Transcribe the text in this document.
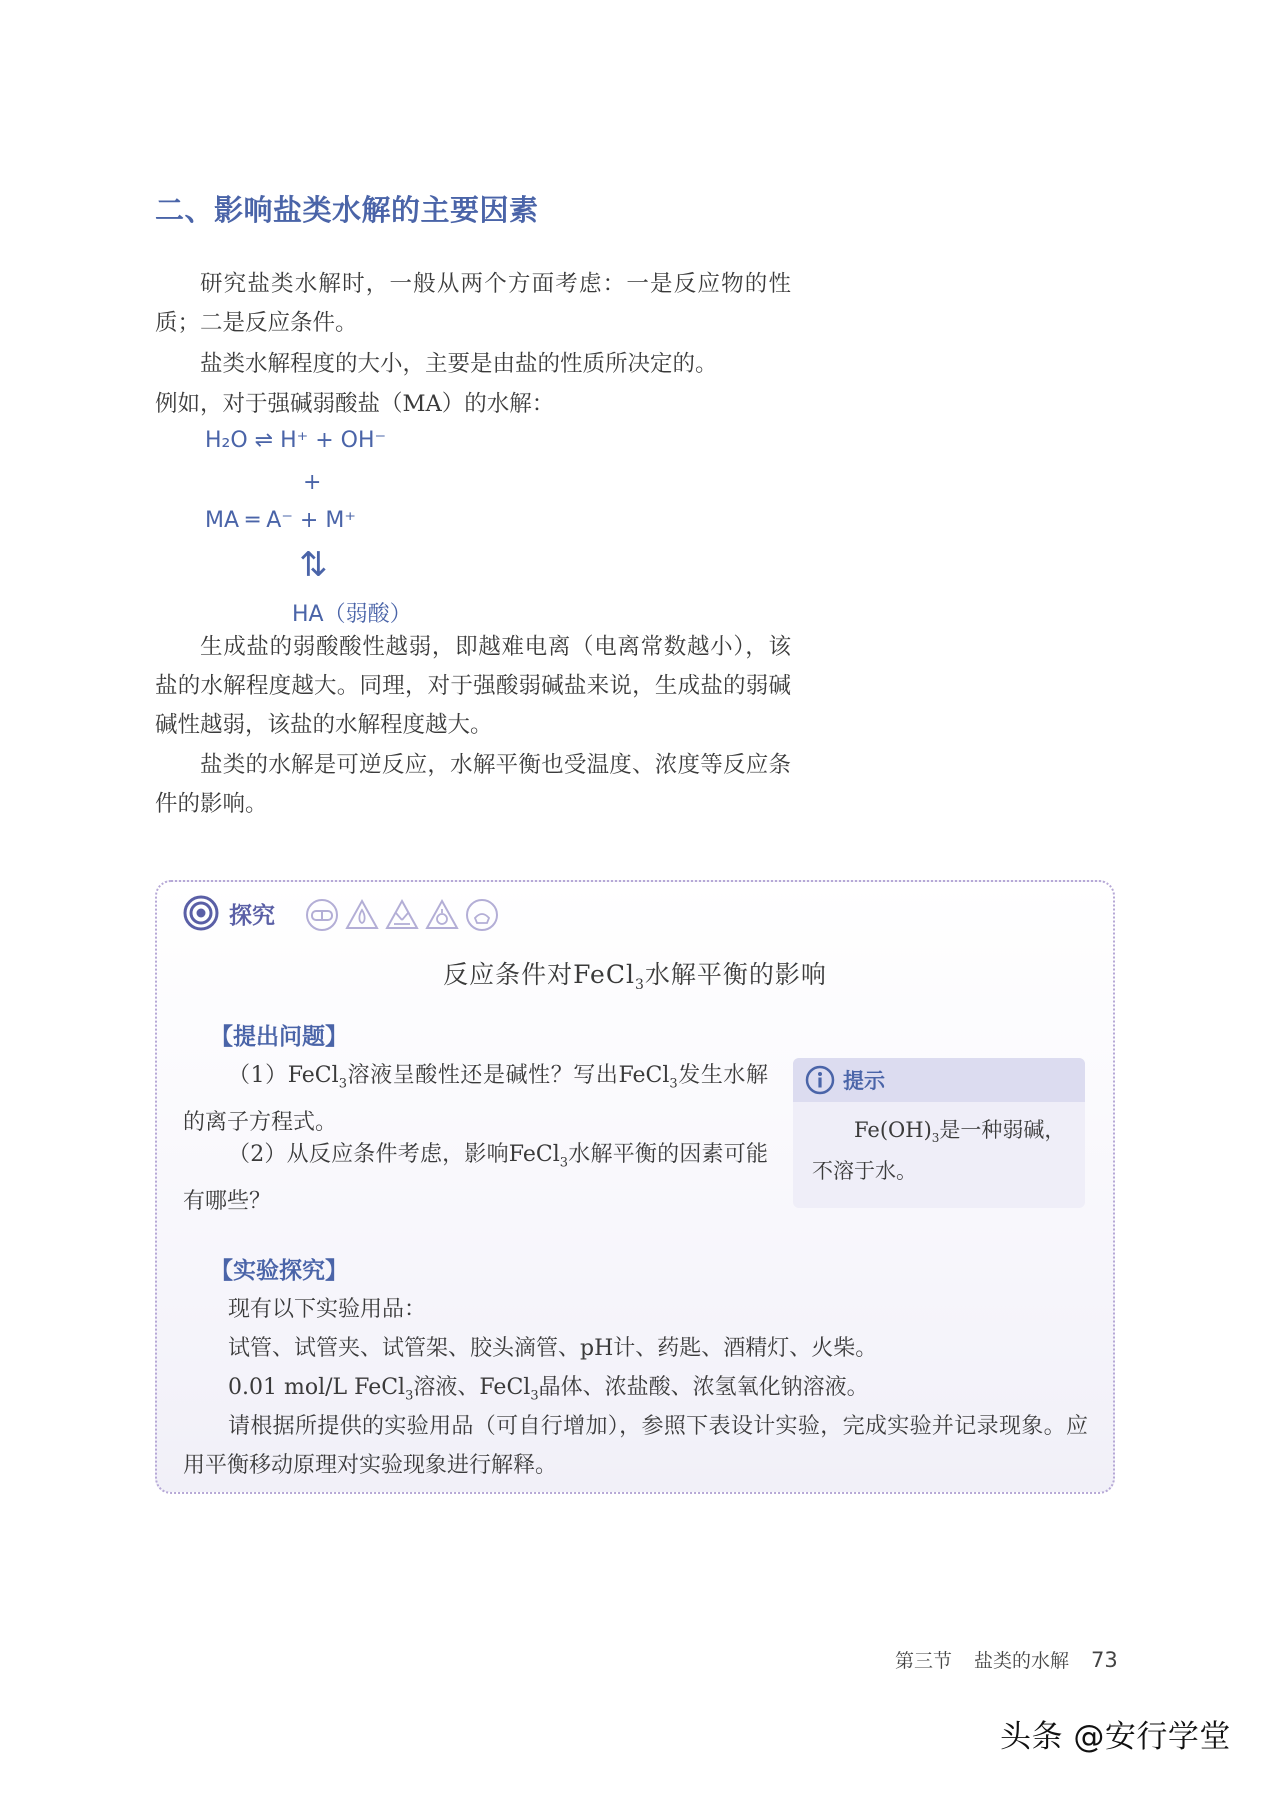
二、影响盐类水解的主要因素

研究盐类水解时，一般从两个方面考虑：一是反应物的性质；二是反应条件。

盐类水解程度的大小，主要是由盐的性质所决定的。

例如，对于强碱弱酸盐（MA）的水解：

H₂O ⇌ H⁺ + OH⁻
+
MA ═ A⁻ + M⁺
⇅
HA（弱酸）

生成盐的弱酸酸性越弱，即越难电离（电离常数越小），该盐的水解程度越大。同理，对于强酸弱碱盐来说，生成盐的弱碱碱性越弱，该盐的水解程度越大。

盐类的水解是可逆反应，水解平衡也受温度、浓度等反应条件的影响。

探究
反应条件对FeCl$_3$水解平衡的影响
【提出问题】

（1）FeCl$_3$溶液呈酸性还是碱性？写出FeCl$_3$发生水解的离子方程式。

（2）从反应条件考虑，影响FeCl$_3$水解平衡的因素可能有哪些？

提示

$Fe(OH)_3$是一种弱碱，不溶于水。

【实验探究】

现有以下实验用品：

试管、试管夹、试管架、胶头滴管、pH计、药匙、酒精灯、火柴。

0.01 mol/L FeCl$_3$溶液、FeCl$_3$晶体、浓盐酸、浓氢氧化钠溶液。

请根据所提供的实验用品（可自行增加），参照下表设计实验，完成实验并记录现象。应用平衡移动原理对实验现象进行解释。

第三节 盐类的水解 73
头条 @安行学堂
